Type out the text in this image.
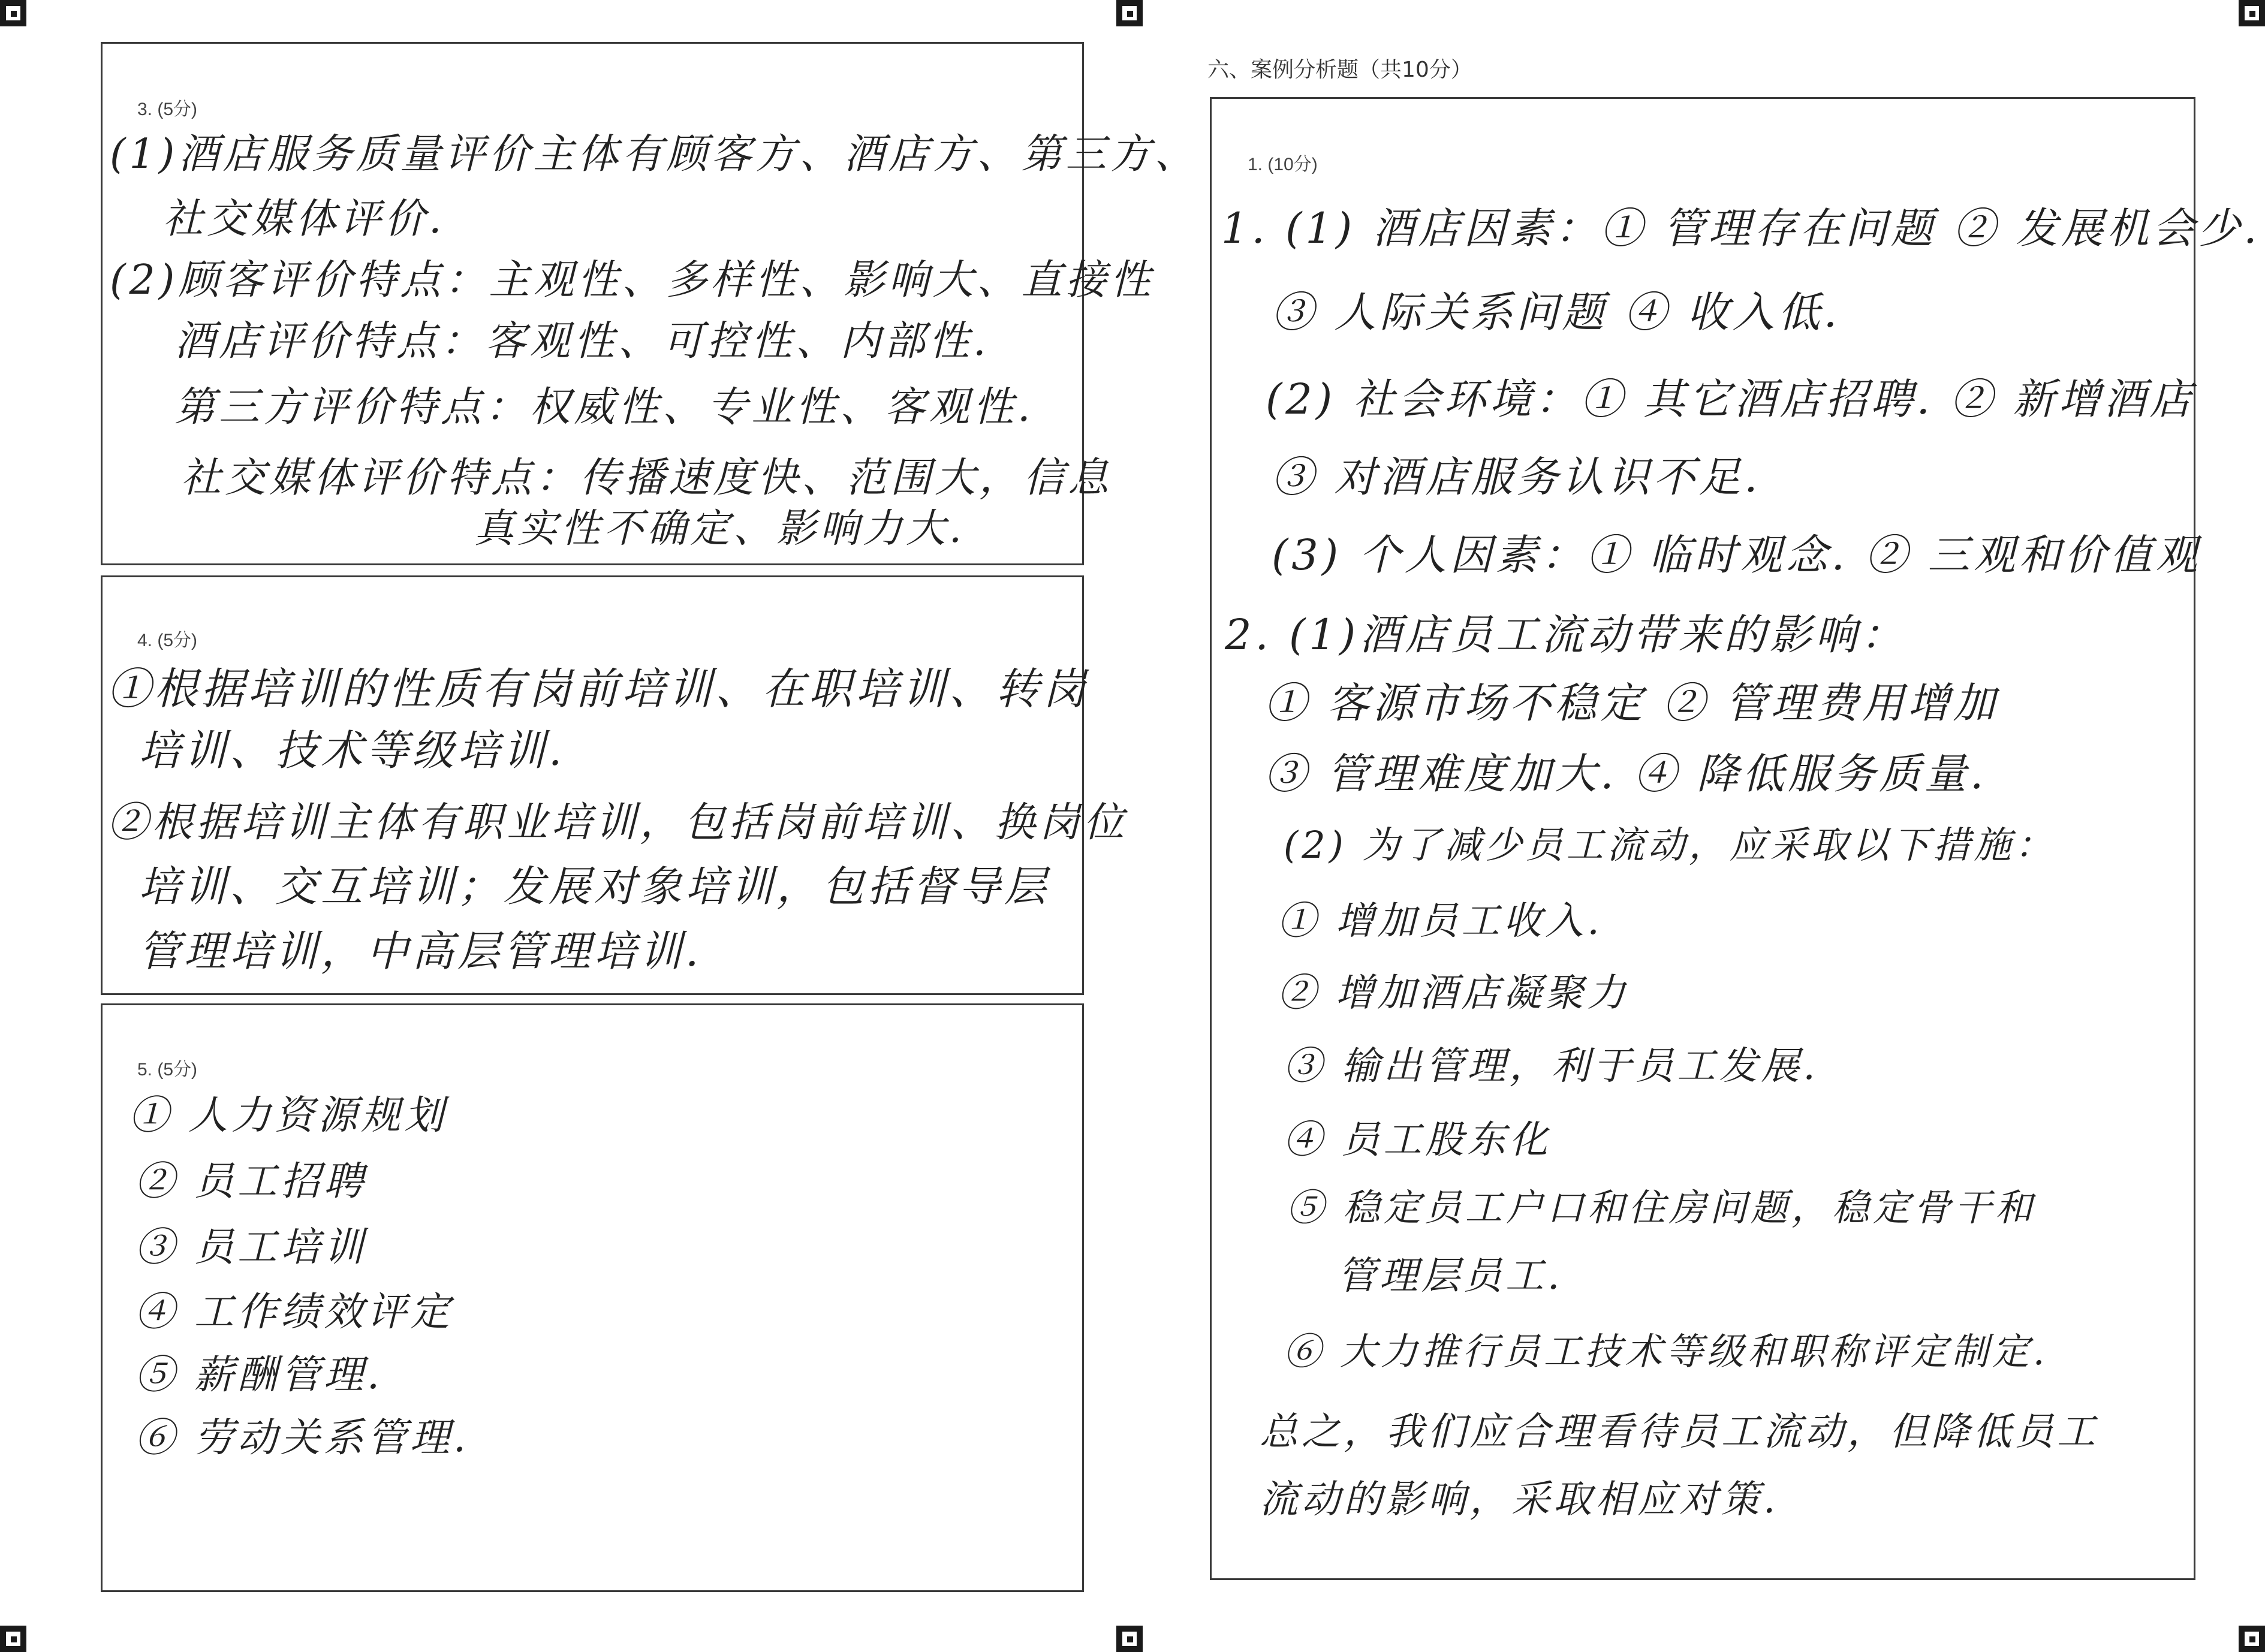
3. (5分)
(1)酒店服务质量评价主体有顾客方、酒店方、第三方、
社交媒体评价.
(2)顾客评价特点：主观性、多样性、影响大、直接性
酒店评价特点：客观性、可控性、内部性.
第三方评价特点：权威性、专业性、客观性.
社交媒体评价特点：传播速度快、范围大，信息
真实性不确定、影响力大.
4. (5分)
①根据培训的性质有岗前培训、在职培训、转岗
培训、技术等级培训.
②根据培训主体有职业培训，包括岗前培训、换岗位
培训、交互培训；发展对象培训，包括督导层
管理培训，中高层管理培训.
5. (5分)
① 人力资源规划
② 员工招聘
③ 员工培训
④ 工作绩效评定
⑤ 薪酬管理.
⑥ 劳动关系管理.
六、案例分析题（共10分）
1. (10分)
1. (1) 酒店因素：① 管理存在问题 ② 发展机会少.
③ 人际关系问题 ④ 收入低.
(2) 社会环境：① 其它酒店招聘. ② 新增酒店
③ 对酒店服务认识不足.
(3) 个人因素：① 临时观念. ② 三观和价值观
2. (1)酒店员工流动带来的影响：
① 客源市场不稳定 ② 管理费用增加
③ 管理难度加大. ④ 降低服务质量.
(2) 为了减少员工流动，应采取以下措施：
① 增加员工收入.
② 增加酒店凝聚力
③ 输出管理，利于员工发展.
④ 员工股东化
⑤ 稳定员工户口和住房问题，稳定骨干和
管理层员工.
⑥ 大力推行员工技术等级和职称评定制定.
总之，我们应合理看待员工流动，但降低员工
流动的影响，采取相应对策.
